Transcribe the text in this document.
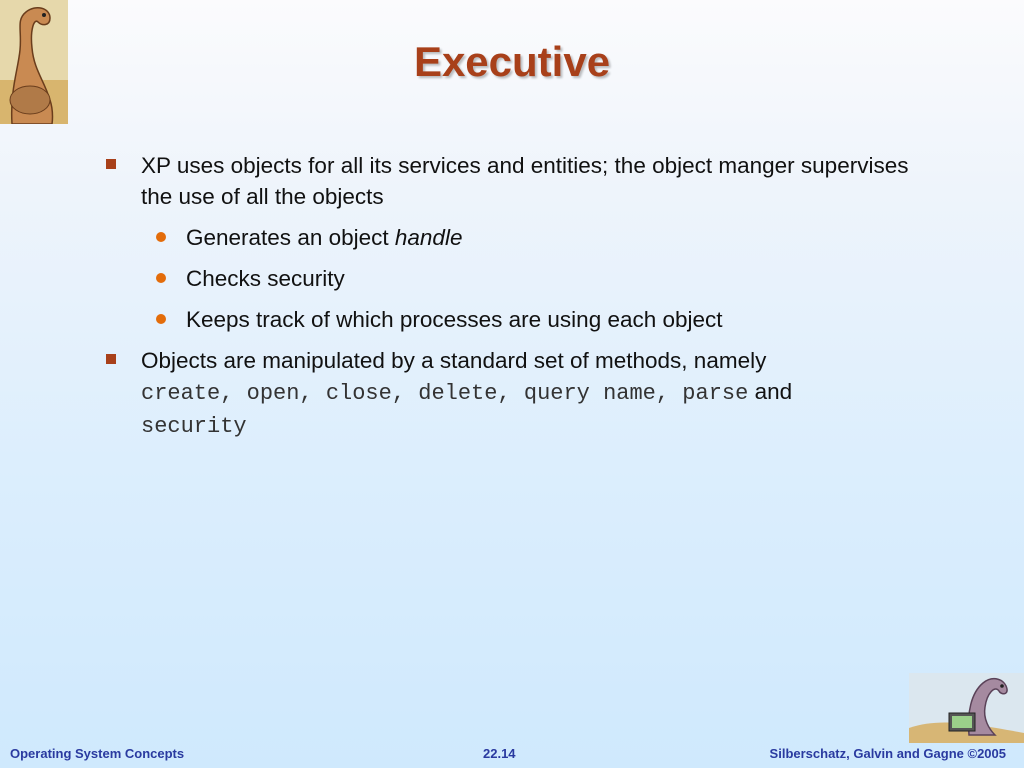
Executive
XP uses objects for all its services and entities; the object manger supervises the use of all the objects
Generates an object handle
Checks security
Keeps track of which processes are using each object
Objects are manipulated by a standard set of methods, namely
create, open, close, delete, query name, parse and
security
Operating System Concepts	22.14	Silberschatz, Galvin and Gagne ©2005
